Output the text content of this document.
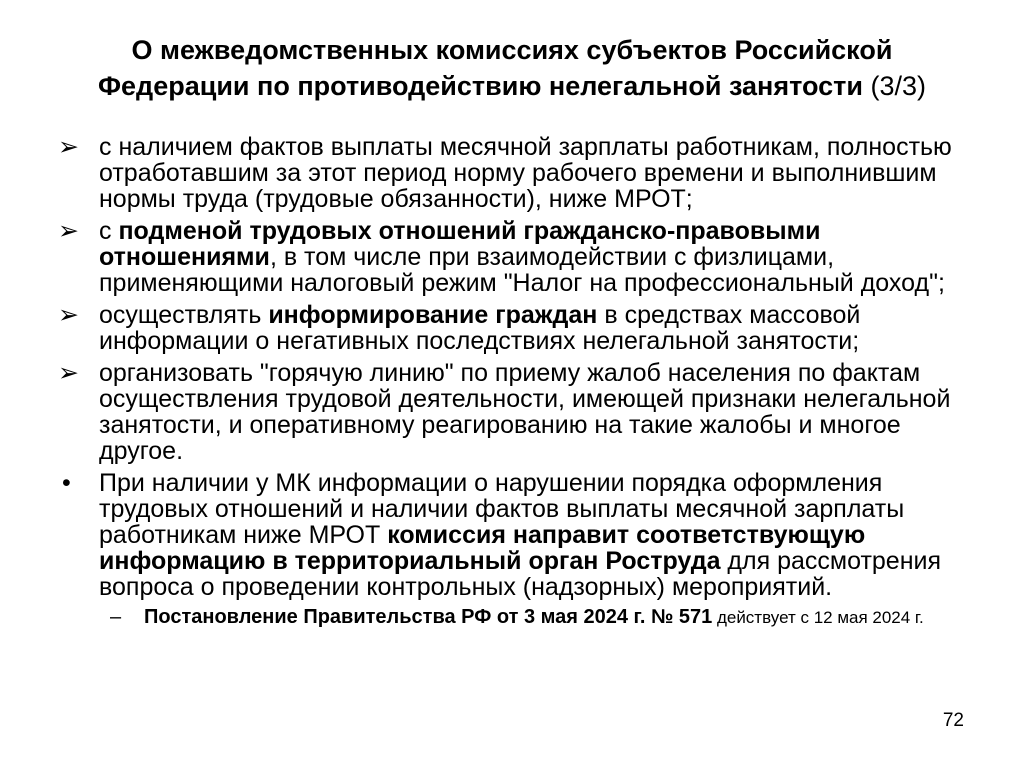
О межведомственных комиссиях субъектов Российской Федерации по противодействию нелегальной занятости (3/3)
➢ с наличием фактов выплаты месячной зарплаты работникам, полностью отработавшим за этот период норму рабочего времени и выполнившим нормы труда (трудовые обязанности), ниже МРОТ;
➢ с подменой трудовых отношений гражданско-правовыми отношениями, в том числе при взаимодействии с физлицами, применяющими налоговый режим "Налог на профессиональный доход";
➢ осуществлять информирование граждан в средствах массовой информации о негативных последствиях нелегальной занятости;
➢ организовать "горячую линию" по приему жалоб населения по фактам осуществления трудовой деятельности, имеющей признаки нелегальной занятости, и оперативному реагированию на такие жалобы и многое другое.
•	При наличии у МК информации о нарушении порядка оформления трудовых отношений и наличии фактов выплаты месячной зарплаты работникам ниже МРОТ комиссия направит соответствующую информацию в территориальный орган Роструда для рассмотрения вопроса о проведении контрольных (надзорных) мероприятий.
–	Постановление Правительства РФ от 3 мая 2024 г. № 571 действует с 12 мая 2024 г.
72
